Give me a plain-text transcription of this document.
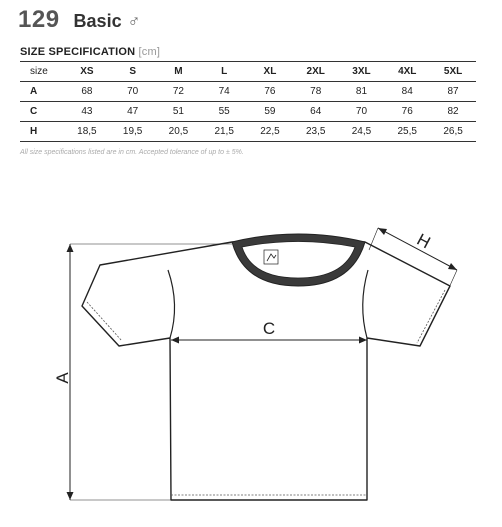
129 Basic ♂
SIZE SPECIFICATION [cm]
size	XS	S	M	L	XL	2XL	3XL	4XL	5XL
A	68	70	72	74	76	78	81	84	87
C	43	47	51	55	59	64	70	76	82
H	18,5	19,5	20,5	21,5	22,5	23,5	24,5	25,5	26,5
All size specifications listed are in cm. Accepted tolerance of up to ± 5%.
A
C
H
